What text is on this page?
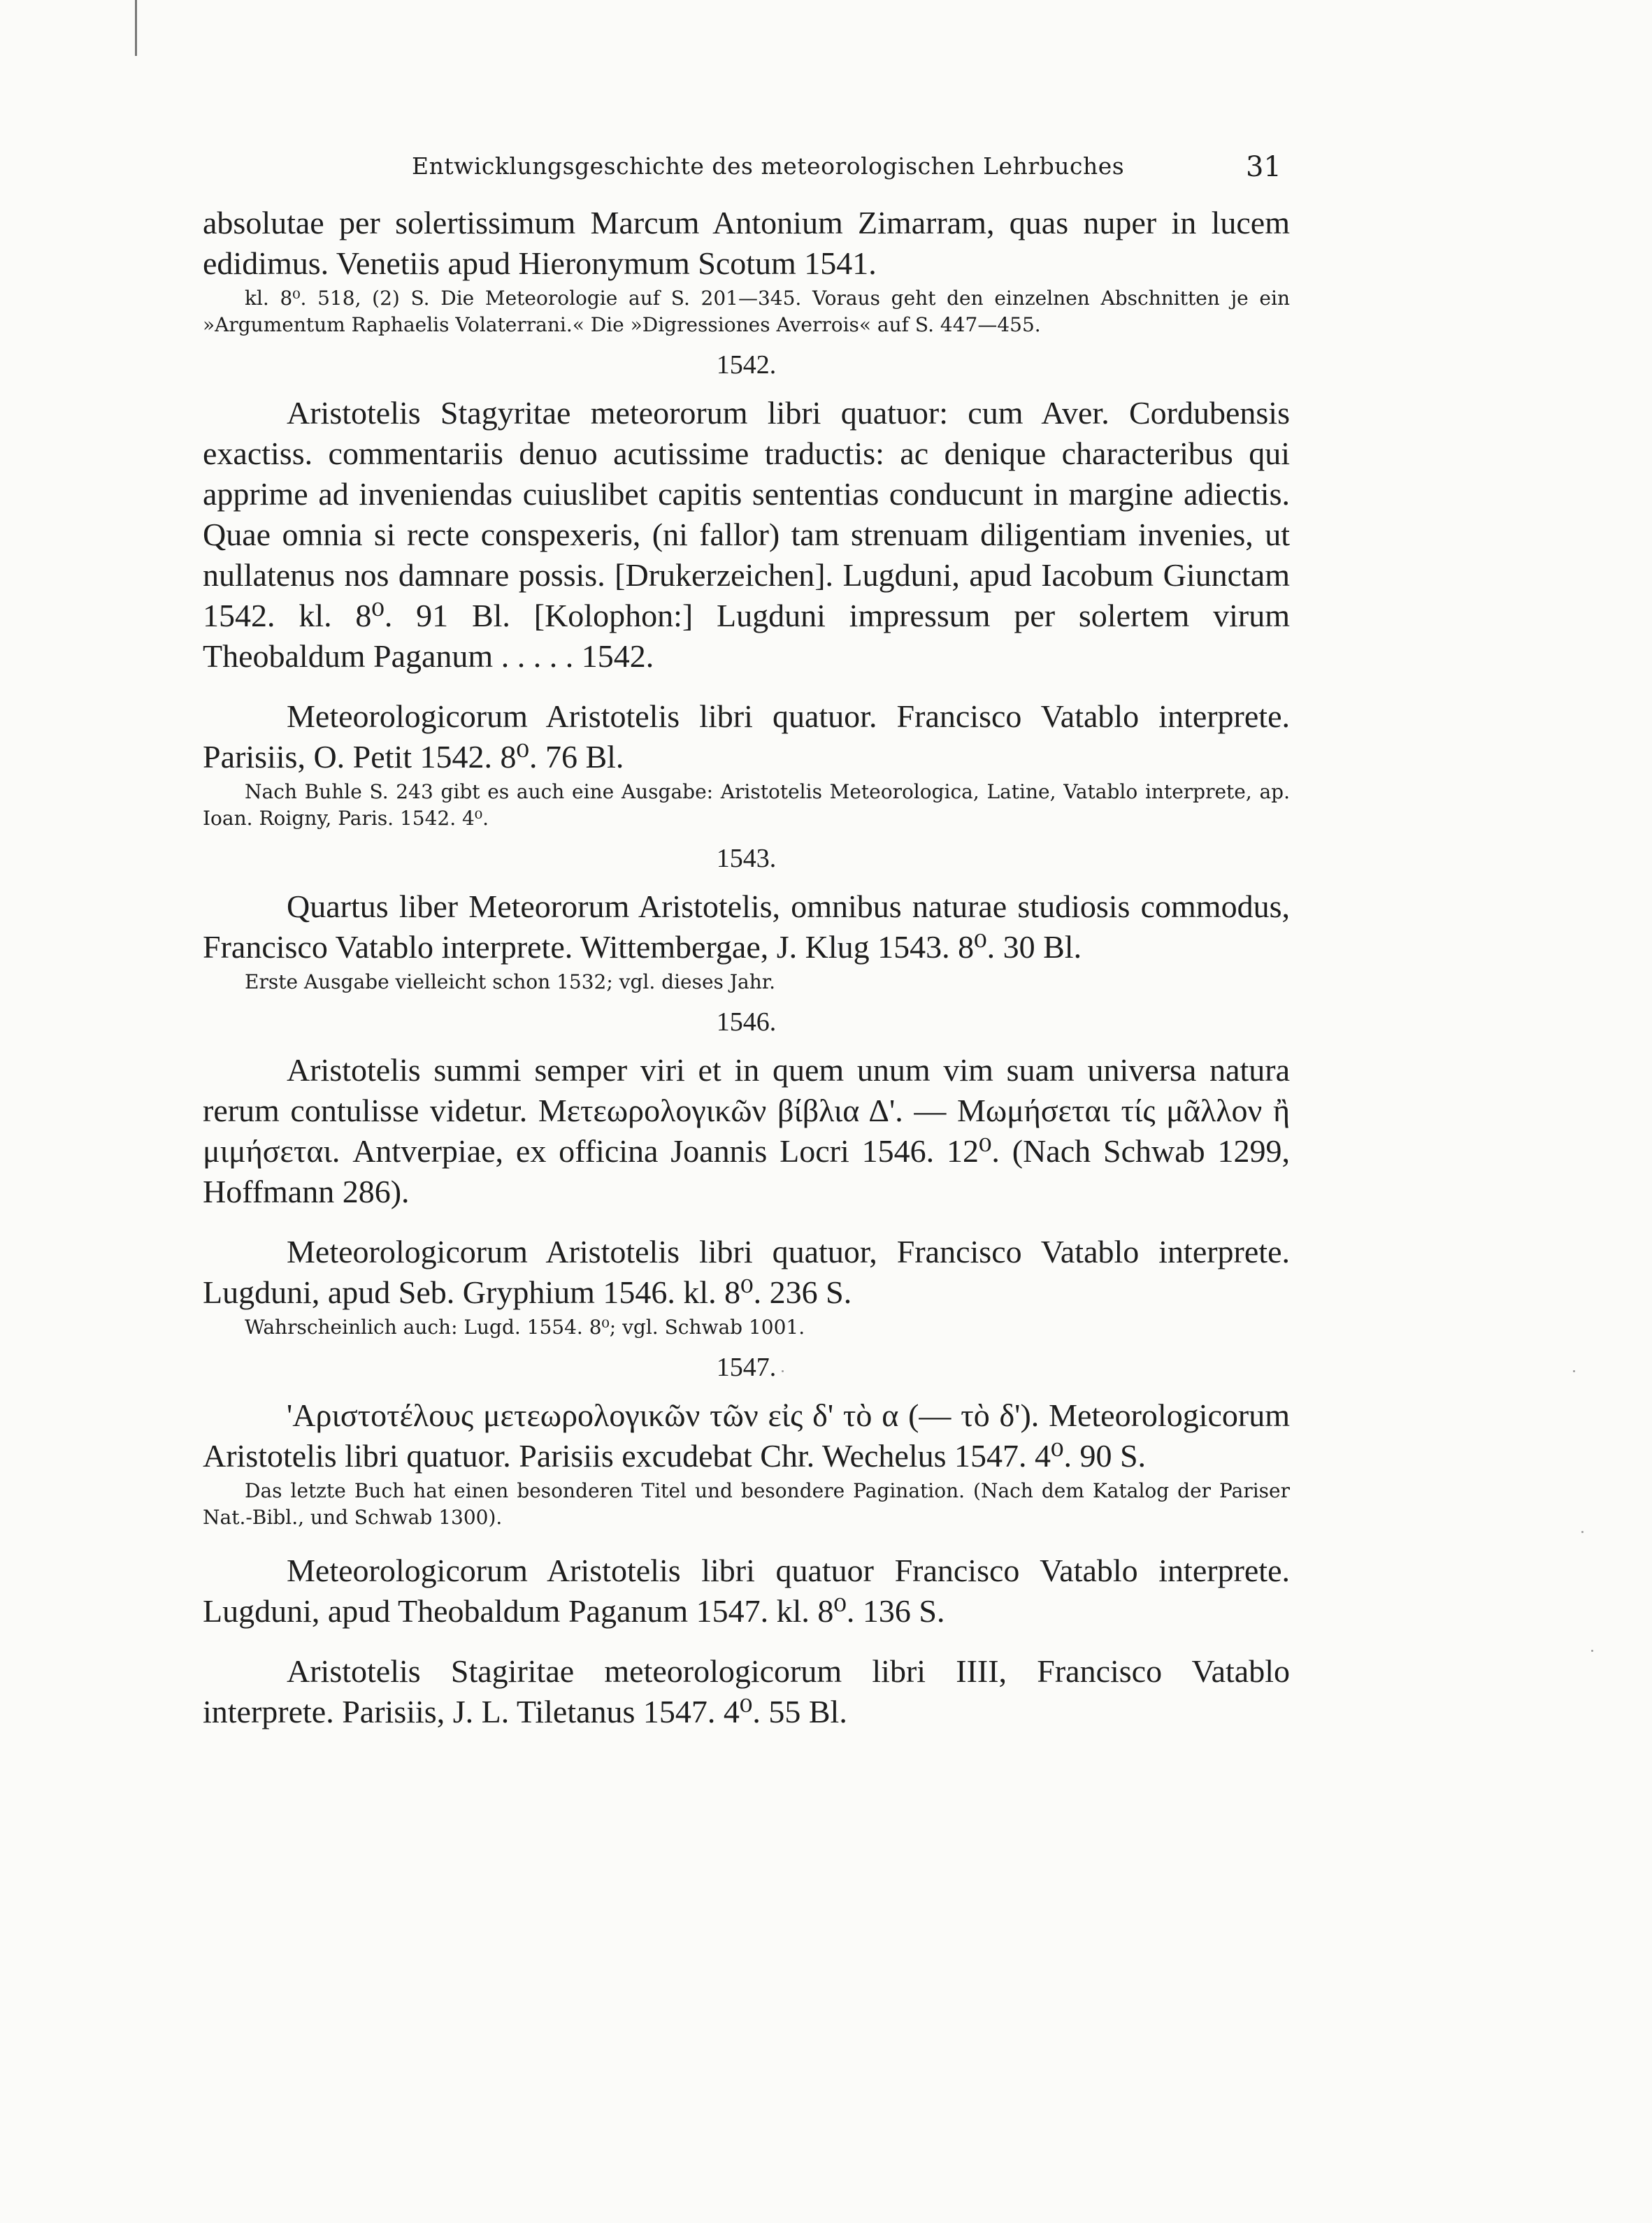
Entwicklungsgeschichte des meteorologischen Lehrbuches	31

absolutae per solertissimum Marcum Antonium Zimarram, quas nuper in lucem edidimus. Venetiis apud Hieronymum Scotum 1541.

kl. 8⁰. 518, (2) S. Die Meteorologie auf S. 201—345. Voraus geht den einzelnen Abschnitten je ein »Argumentum Raphaelis Volaterrani.« Die »Digressiones Averrois« auf S. 447—455.

1542.

Aristotelis Stagyritae meteororum libri quatuor: cum Aver. Cordubensis exactiss. commentariis denuo acutissime traductis: ac denique characteribus qui apprime ad inveniendas cuiuslibet capitis sententias conducunt in margine adiectis. Quae omnia si recte conspexeris, (ni fallor) tam strenuam diligentiam invenies, ut nullatenus nos damnare possis. [Drukerzeichen]. Lugduni, apud Iacobum Giunctam 1542. kl. 8⁰. 91 Bl. [Kolophon:] Lugduni impressum per solertem virum Theobaldum Paganum . . . . . 1542.

Meteorologicorum Aristotelis libri quatuor. Francisco Vatablo interprete. Parisiis, O. Petit 1542. 8⁰. 76 Bl.

Nach Buhle S. 243 gibt es auch eine Ausgabe: Aristotelis Meteorologica, Latine, Vatablo interprete, ap. Ioan. Roigny, Paris. 1542. 4⁰.

1543.

Quartus liber Meteororum Aristotelis, omnibus naturae studiosis commodus, Francisco Vatablo interprete. Wittembergae, J. Klug 1543. 8⁰. 30 Bl.

Erste Ausgabe vielleicht schon 1532; vgl. dieses Jahr.

1546.

Aristotelis summi semper viri et in quem unum vim suam universa natura rerum contulisse videtur. Μετεωρολογικῶν βίβλια Δ'. — Μωμήσεται τίς μᾶλλον ἢ μιμήσεται. Antverpiae, ex officina Joannis Locri 1546. 12⁰. (Nach Schwab 1299, Hoffmann 286).

Meteorologicorum Aristotelis libri quatuor, Francisco Vatablo interprete. Lugduni, apud Seb. Gryphium 1546. kl. 8⁰. 236 S.

Wahrscheinlich auch: Lugd. 1554. 8⁰; vgl. Schwab 1001.

1547.

'Αριστοτέλους μετεωρολογικῶν τῶν εἰς δ' τὸ α (— τὸ δ'). Meteorologicorum Aristotelis libri quatuor. Parisiis excudebat Chr. Wechelus 1547. 4⁰. 90 S.

Das letzte Buch hat einen besonderen Titel und besondere Pagination. (Nach dem Katalog der Pariser Nat.-Bibl., und Schwab 1300).

Meteorologicorum Aristotelis libri quatuor Francisco Vatablo interprete. Lugduni, apud Theobaldum Paganum 1547. kl. 8⁰. 136 S.

Aristotelis Stagiritae meteorologicorum libri IIII, Francisco Vatablo interprete. Parisiis, J. L. Tiletanus 1547. 4⁰. 55 Bl.
